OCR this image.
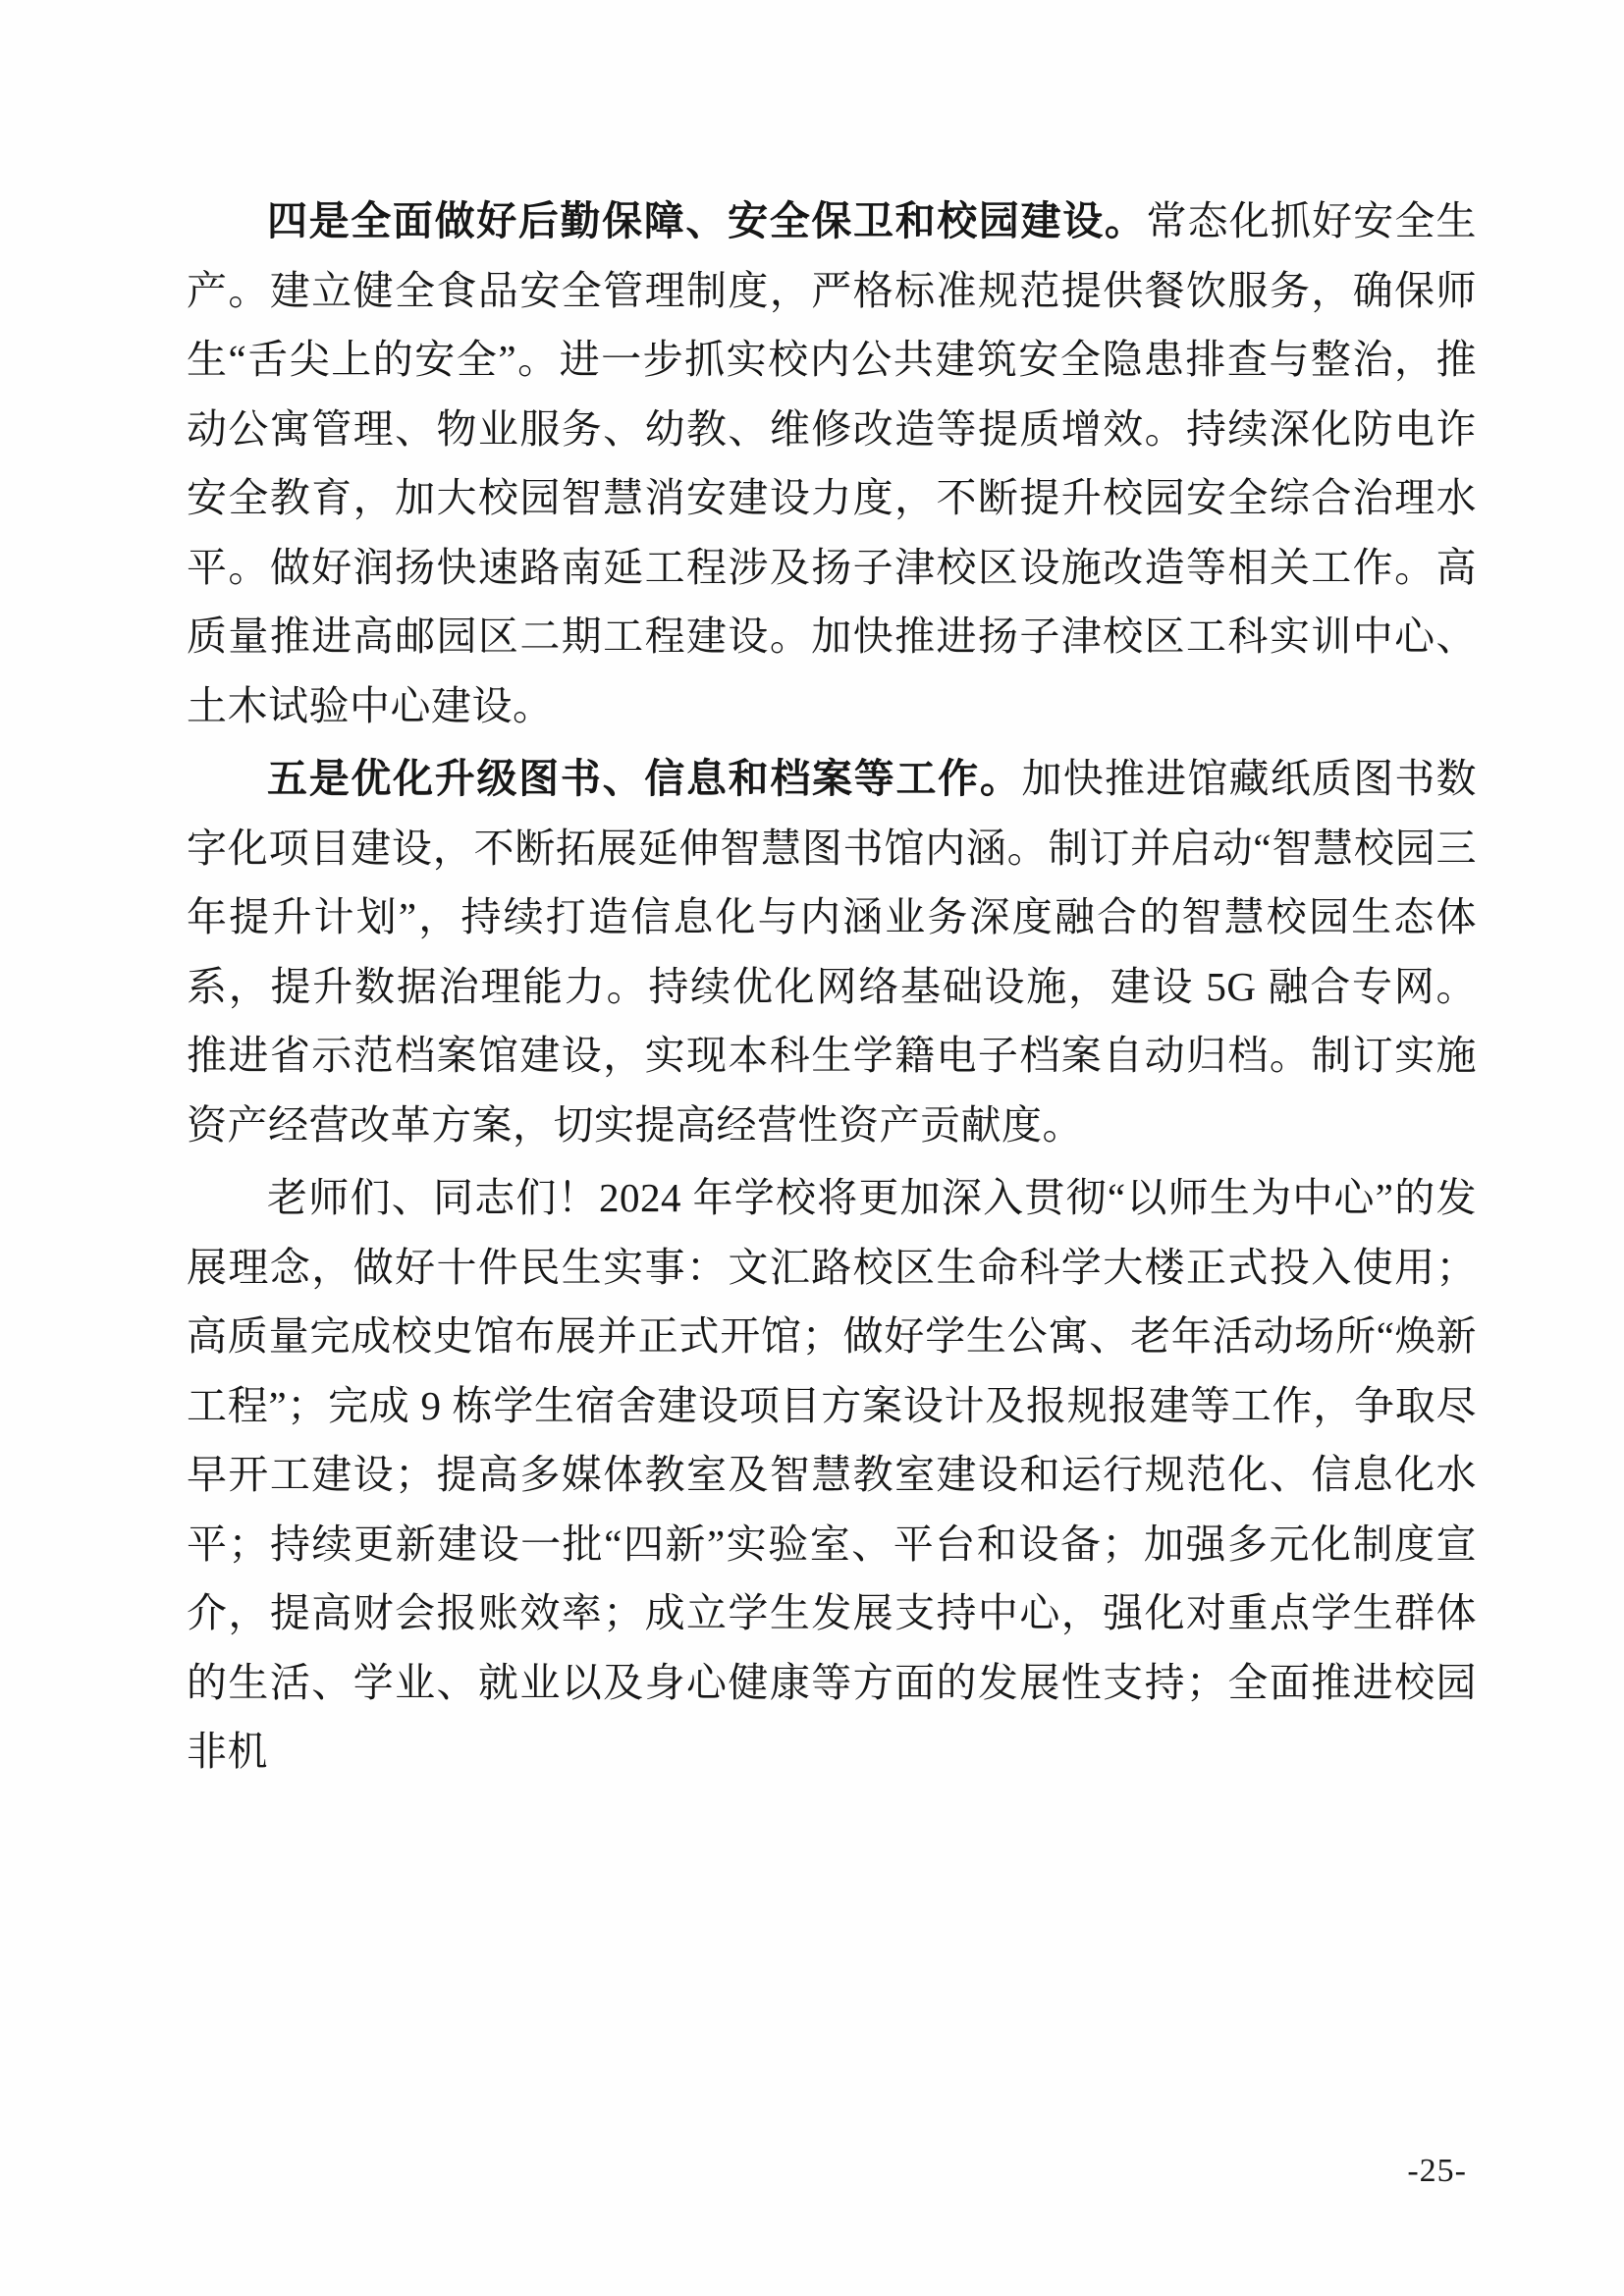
四是全面做好后勤保障、安全保卫和校园建设。常态化抓好安全生产。建立健全食品安全管理制度，严格标准规范提供餐饮服务，确保师生“舌尖上的安全”。进一步抓实校内公共建筑安全隐患排查与整治，推动公寓管理、物业服务、幼教、维修改造等提质增效。持续深化防电诈安全教育，加大校园智慧消安建设力度，不断提升校园安全综合治理水平。做好润扬快速路南延工程涉及扬子津校区设施改造等相关工作。高质量推进高邮园区二期工程建设。加快推进扬子津校区工科实训中心、土木试验中心建设。

五是优化升级图书、信息和档案等工作。加快推进馆藏纸质图书数字化项目建设，不断拓展延伸智慧图书馆内涵。制订并启动“智慧校园三年提升计划”，持续打造信息化与内涵业务深度融合的智慧校园生态体系，提升数据治理能力。持续优化网络基础设施，建设 5G 融合专网。推进省示范档案馆建设，实现本科生学籍电子档案自动归档。制订实施资产经营改革方案，切实提高经营性资产贡献度。

老师们、同志们！2024 年学校将更加深入贯彻“以师生为中心”的发展理念，做好十件民生实事：文汇路校区生命科学大楼正式投入使用；高质量完成校史馆布展并正式开馆；做好学生公寓、老年活动场所“焕新工程”；完成 9 栋学生宿舍建设项目方案设计及报规报建等工作，争取尽早开工建设；提高多媒体教室及智慧教室建设和运行规范化、信息化水平；持续更新建设一批“四新”实验室、平台和设备；加强多元化制度宣介，提高财会报账效率；成立学生发展支持中心，强化对重点学生群体的生活、学业、就业以及身心健康等方面的发展性支持；全面推进校园非机

-25-
